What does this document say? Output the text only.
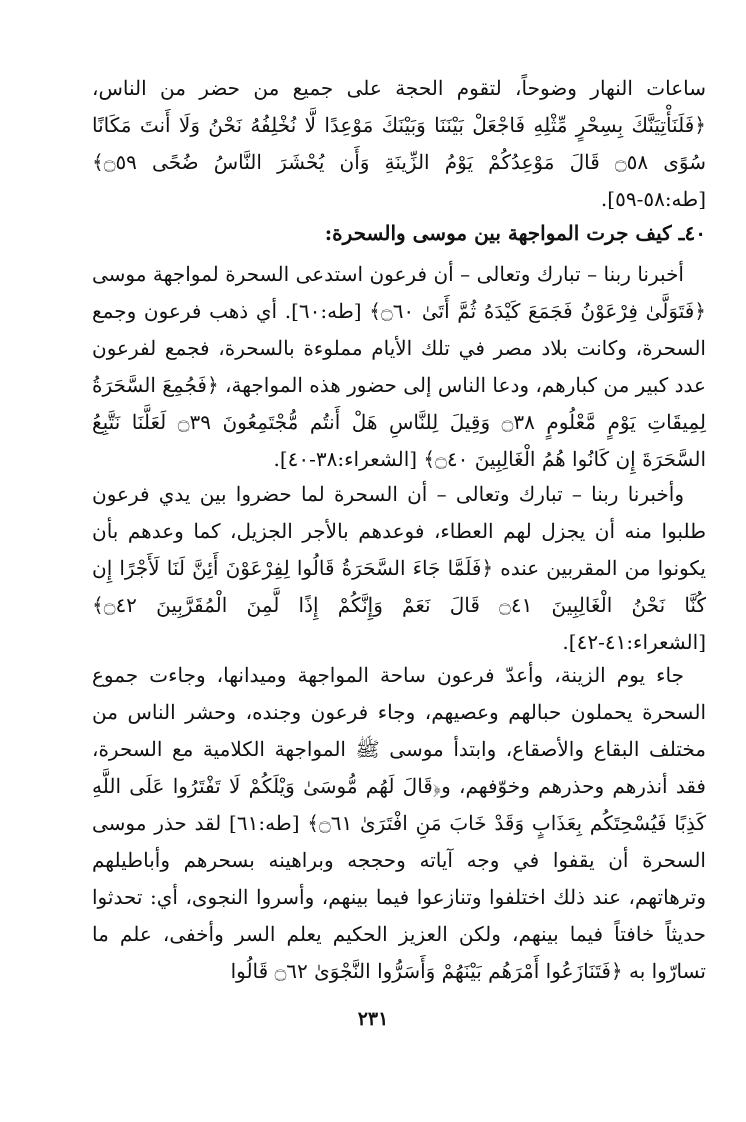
ساعات النهار وضوحاً، لتقوم الحجة على جميع من حضر من الناس، ﴿فَلَنَأْتِيَنَّكَ بِسِحْرٍ مِّثْلِهِ فَاجْعَلْ بَيْنَنَا وَبَيْنَكَ مَوْعِدًا لَّا نُخْلِفُهُ نَحْنُ وَلَا أَنتَ مَكَانًا سُوًى ۝٥٨ قَالَ مَوْعِدُكُمْ يَوْمُ الزِّينَةِ وَأَن يُحْشَرَ النَّاسُ ضُحًى ۝٥٩﴾ [طه:٥٨-٥٩].

٤٠ـ كيف جرت المواجهة بين موسى والسحرة:

أخبرنا ربنا – تبارك وتعالى – أن فرعون استدعى السحرة لمواجهة موسى ﴿فَتَوَلَّىٰ فِرْعَوْنُ فَجَمَعَ كَيْدَهُ ثُمَّ أَتَىٰ ۝٦٠﴾ [طه:٦٠]. أي ذهب فرعون وجمع السحرة، وكانت بلاد مصر في تلك الأيام مملوءة بالسحرة، فجمع لفرعون عدد كبير من كبارهم، ودعا الناس إلى حضور هذه المواجهة، ﴿فَجُمِعَ السَّحَرَةُ لِمِيقَاتِ يَوْمٍ مَّعْلُومٍ ۝٣٨ وَقِيلَ لِلنَّاسِ هَلْ أَنتُم مُّجْتَمِعُونَ ۝٣٩ لَعَلَّنَا نَتَّبِعُ السَّحَرَةَ إِن كَانُوا هُمُ الْغَالِبِينَ ۝٤٠﴾ [الشعراء:٣٨-٤٠].

وأخبرنا ربنا – تبارك وتعالى – أن السحرة لما حضروا بين يدي فرعون طلبوا منه أن يجزل لهم العطاء، فوعدهم بالأجر الجزيل، كما وعدهم بأن يكونوا من المقربين عنده ﴿فَلَمَّا جَاءَ السَّحَرَةُ قَالُوا لِفِرْعَوْنَ أَئِنَّ لَنَا لَأَجْرًا إِن كُنَّا نَحْنُ الْغَالِبِينَ ۝٤١ قَالَ نَعَمْ وَإِنَّكُمْ إِذًا لَّمِنَ الْمُقَرَّبِينَ ۝٤٢﴾ [الشعراء:٤١-٤٢].

جاء يوم الزينة، وأعدّ فرعون ساحة المواجهة وميدانها، وجاءت جموع السحرة يحملون حبالهم وعصيهم، وجاء فرعون وجنده، وحشر الناس من مختلف البقاع والأصقاع، وابتدأ موسى ﷺ المواجهة الكلامية مع السحرة، فقد أنذرهم وحذرهم وخوّفهم، و﴿قَالَ لَهُم مُّوسَىٰ وَيْلَكُمْ لَا تَفْتَرُوا عَلَى اللَّهِ كَذِبًا فَيُسْحِتَكُم بِعَذَابٍ وَقَدْ خَابَ مَنِ افْتَرَىٰ ۝٦١﴾ [طه:٦١] لقد حذر موسى السحرة أن يقفوا في وجه آياته وحججه وبراهينه بسحرهم وأباطيلهم وترهاتهم، عند ذلك اختلفوا وتنازعوا فيما بينهم، وأسروا النجوى، أي: تحدثوا حديثاً خافتاً فيما بينهم، ولكن العزيز الحكيم يعلم السر وأخفى، علم ما تسارّوا به ﴿فَتَنَازَعُوا أَمْرَهُم بَيْنَهُمْ وَأَسَرُّوا النَّجْوَىٰ ۝٦٢ قَالُوا

٢٣١
